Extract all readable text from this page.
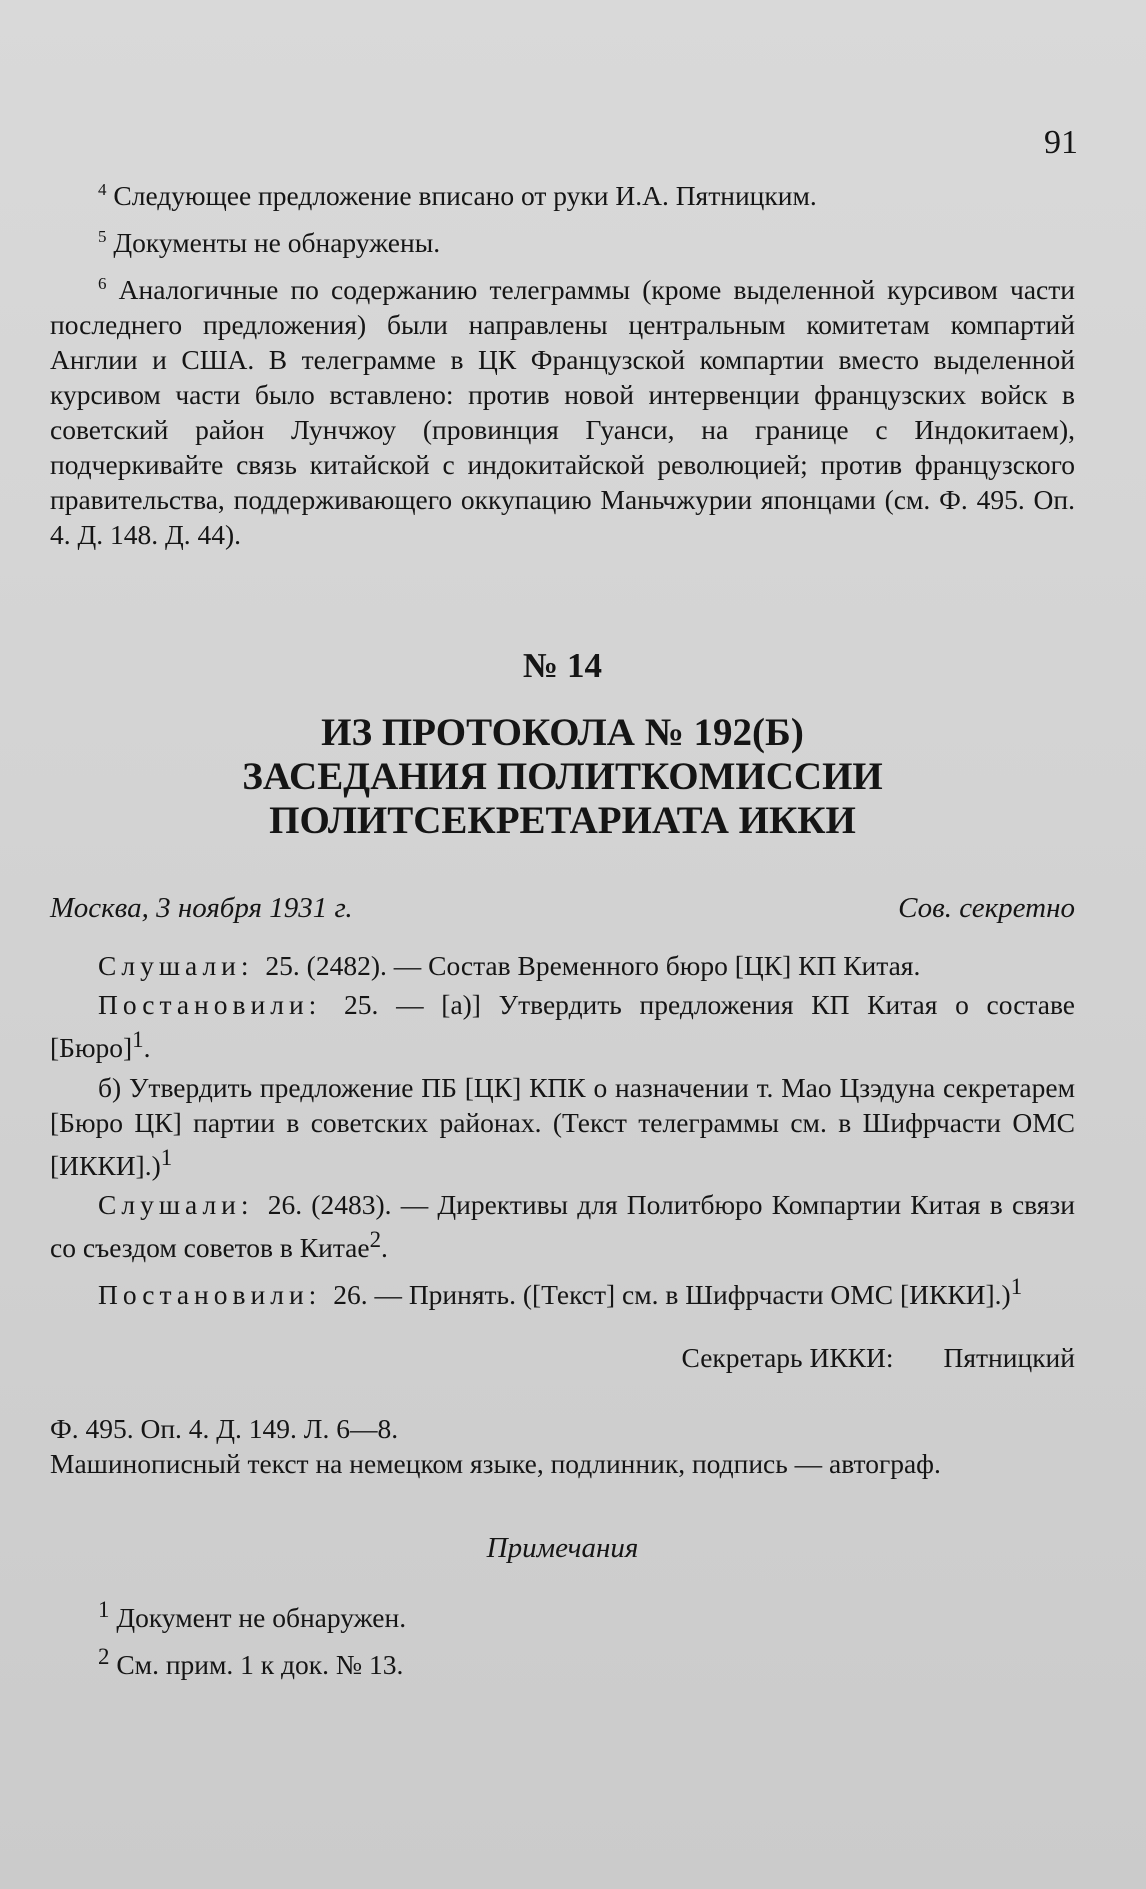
91

$^4$ Следующее предложение вписано от руки И.А. Пятницким.

$^5$ Документы не обнаружены.

$^6$ Аналогичные по содержанию телеграммы (кроме выделенной курсивом части последнего предложения) были направлены центральным комитетам компартий Англии и США. В телеграмме в ЦК Французской компартии вместо выделенной курсивом части было вставлено: против новой интервенции французских войск в советский район Лунчжоу (провинция Гуанси, на границе с Индокитаем), подчеркивайте связь китайской с индокитайской революцией; против французского правительства, поддерживающего оккупацию Маньчжурии японцами (см. Ф. 495. Оп. 4. Д. 148. Д. 44).

№ 14
ИЗ ПРОТОКОЛА № 192(Б)
ЗАСЕДАНИЯ ПОЛИТКОМИССИИ
ПОЛИТСЕКРЕТАРИАТА ИККИ
Москва, 3 ноября 1931 г.	Сов. секретно

Слушали: 25. (2482). — Состав Временного бюро [ЦК] КП Китая.

Постановили: 25. — [а)] Утвердить предложения КП Китая о составе [Бюро]$^1$.

б) Утвердить предложение ПБ [ЦК] КПК о назначении т. Мао Цзэдуна секретарем [Бюро ЦК] партии в советских районах. (Текст телеграммы см. в Шифрчасти ОМС [ИККИ].)$^1$

Слушали: 26. (2483). — Директивы для Политбюро Компартии Китая в связи со съездом советов в Китае$^2$.

Постановили: 26. — Принять. ([Текст] см. в Шифрчасти ОМС [ИККИ].)$^1$

Секретарь ИККИ: Пятницкий

Ф. 495. Оп. 4. Д. 149. Л. 6—8.

Машинописный текст на немецком языке, подлинник, подпись — автограф.

Примечания

$^1$ Документ не обнаружен.

$^2$ См. прим. 1 к док. № 13.
